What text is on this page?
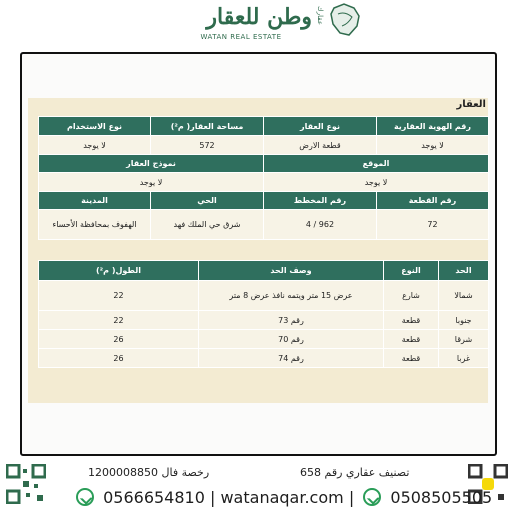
وطن للعقار
WATAN REAL ESTATE
عقارك
العقار
رقم الهوية العقارية	نوع العقار	مساحة العقار( م²)	نوع الاستخدام
لا يوجد	قطعة الارض	572	لا يوجد
الموقع		نموذج العقار	
لا يوجد		لا يوجد	
رقم القطعة	رقم المخطط	الحي	المدينة
72	962 / 4	شرق حي الملك فهد	الهفوف بمحافظة الأحساء
الحد	النوع	وصف الحد	الطول( م²)
شمالا	شارع	عرض 15 متر ويتمه نافذ عرض 8 متر	22
جنوبا	قطعة	رقم 73	22
شرقا	قطعة	رقم 70	26
غربا	قطعة	رقم 74	26
تصنيف عقاري رقم 658
رخصة فال 1200008850
0566654810 | watanaqar.com |  0508505505
